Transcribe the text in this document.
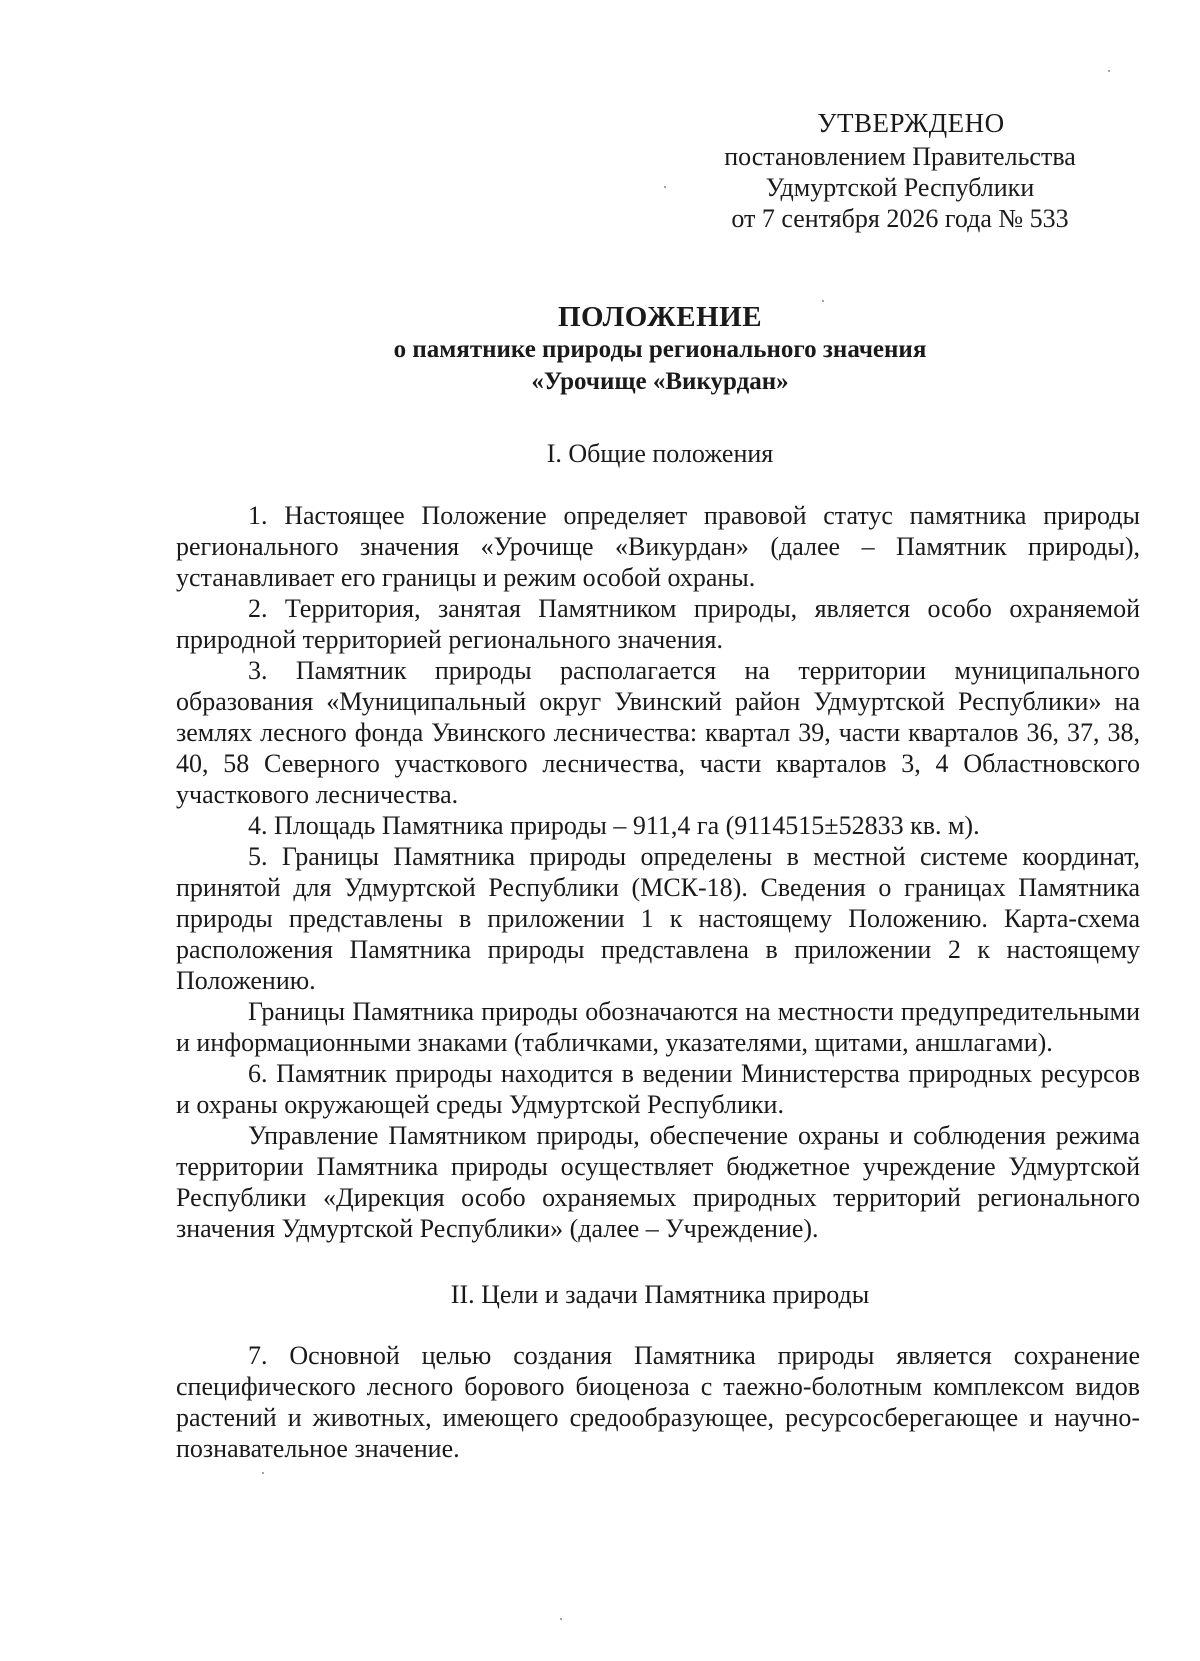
УТВЕРЖДЕНО
постановлением Правительства
Удмуртской Республики
от 7 сентября 2026 года № 533
ПОЛОЖЕНИЕ
о памятнике природы регионального значения
«Урочище «Викурдан»
I. Общие положения

1. Настоящее Положение определяет правовой статус памятника природы регионального значения «Урочище «Викурдан» (далее – Памятник природы), устанавливает его границы и режим особой охраны.

2. Территория, занятая Памятником природы, является особо охраняемой природной территорией регионального значения.

3. Памятник природы располагается на территории муниципального образования «Муниципальный округ Увинский район Удмуртской Республики» на землях лесного фонда Увинского лесничества: квартал 39, части кварталов 36, 37, 38, 40, 58 Северного участкового лесничества, части кварталов 3, 4 Областновского участкового лесничества.

4. Площадь Памятника природы – 911,4 га (9114515±52833 кв. м).

5. Границы Памятника природы определены в местной системе координат, принятой для Удмуртской Республики (МСК-18). Сведения о границах Памятника природы представлены в приложении 1 к настоящему Положению. Карта-схема расположения Памятника природы представлена в приложении 2 к настоящему Положению.

Границы Памятника природы обозначаются на местности предупредительными и информационными знаками (табличками, указателями, щитами, аншлагами).

6. Памятник природы находится в ведении Министерства природных ресурсов и охраны окружающей среды Удмуртской Республики.

Управление Памятником природы, обеспечение охраны и соблюдения режима территории Памятника природы осуществляет бюджетное учреждение Удмуртской Республики «Дирекция особо охраняемых природных территорий регионального значения Удмуртской Республики» (далее – Учреждение).

II. Цели и задачи Памятника природы

7. Основной целью создания Памятника природы является сохранение специфического лесного борового биоценоза с таежно-болотным комплексом видов растений и животных, имеющего средообразующее, ресурсосберегающее и научно-познавательное значение.
